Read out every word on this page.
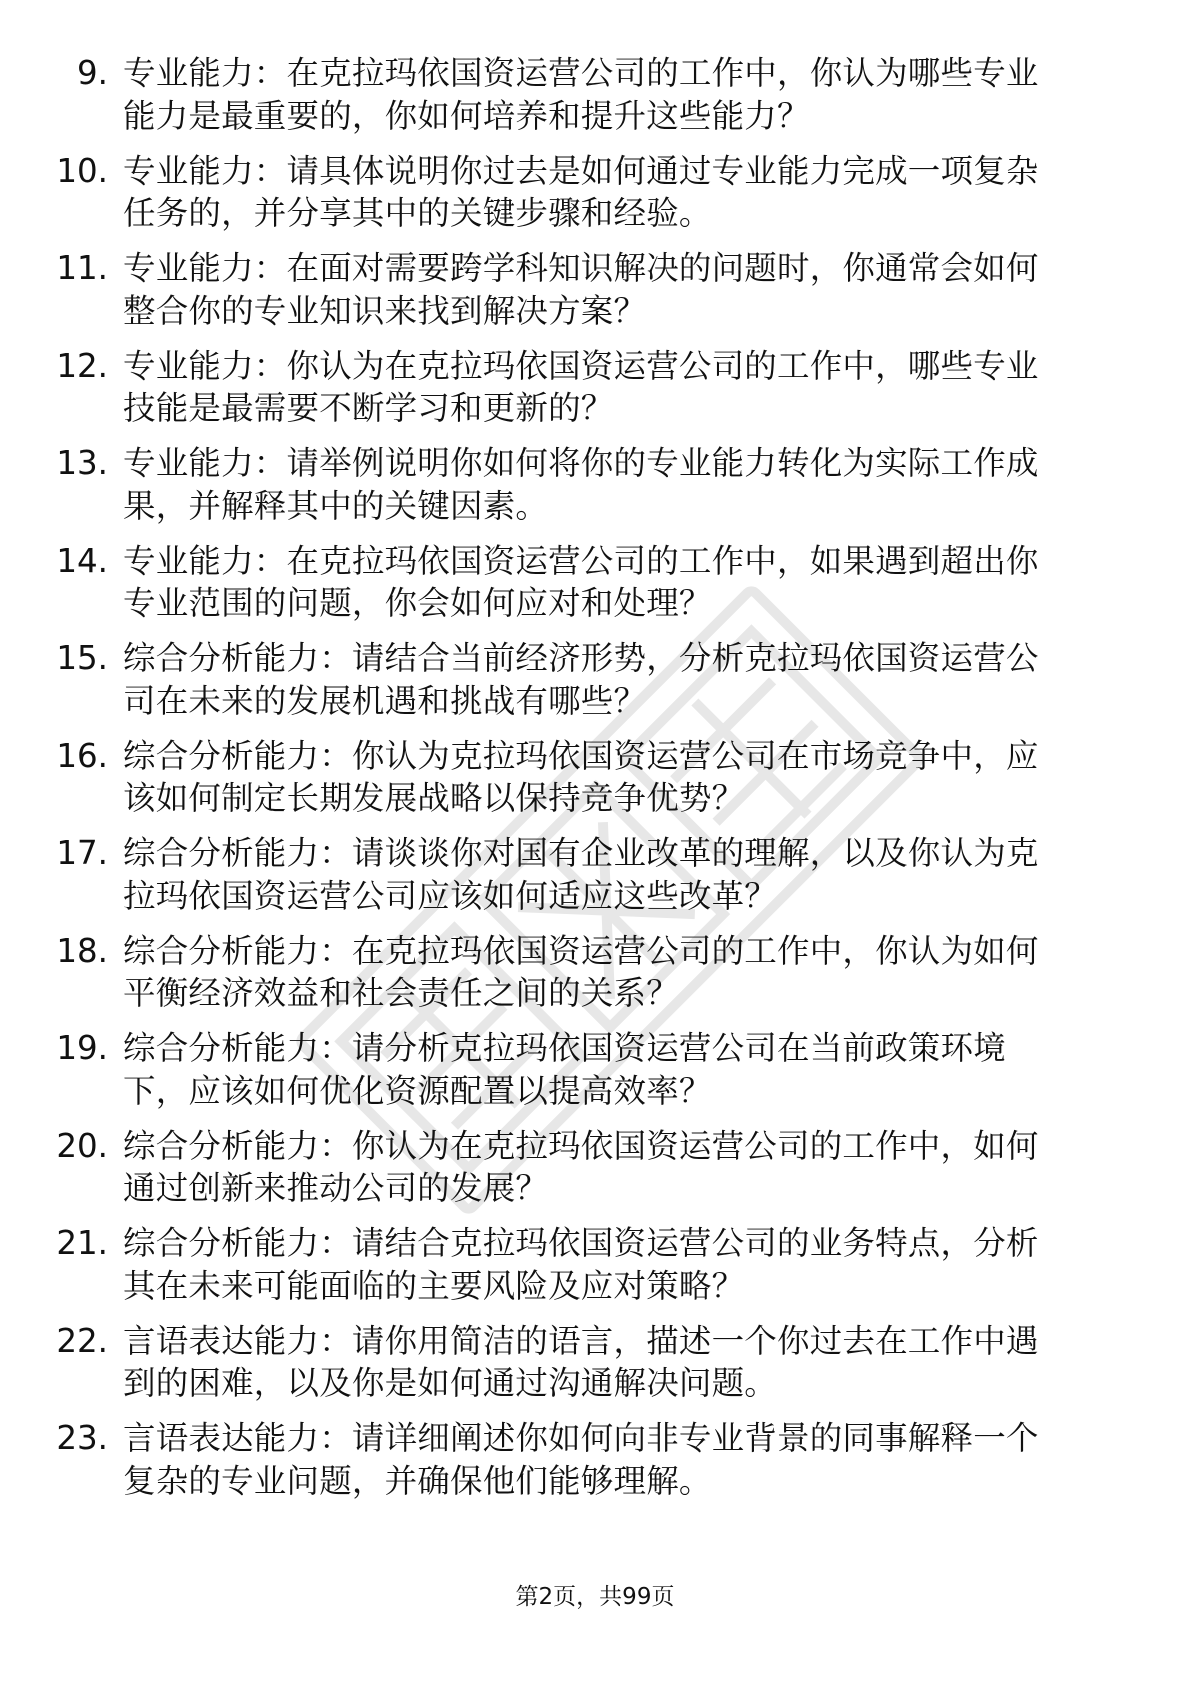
9. 专业能力：在克拉玛依国资运营公司的工作中，你认为哪些专业
能力是最重要的，你如何培养和提升这些能力？
10. 专业能力：请具体说明你过去是如何通过专业能力完成一项复杂
任务的，并分享其中的关键步骤和经验。
11. 专业能力：在面对需要跨学科知识解决的问题时，你通常会如何
整合你的专业知识来找到解决方案？
12. 专业能力：你认为在克拉玛依国资运营公司的工作中，哪些专业
技能是最需要不断学习和更新的？
13. 专业能力：请举例说明你如何将你的专业能力转化为实际工作成
果，并解释其中的关键因素。
14. 专业能力：在克拉玛依国资运营公司的工作中，如果遇到超出你
专业范围的问题，你会如何应对和处理？
15. 综合分析能力：请结合当前经济形势，分析克拉玛依国资运营公
司在未来的发展机遇和挑战有哪些？
16. 综合分析能力：你认为克拉玛依国资运营公司在市场竞争中，应
该如何制定长期发展战略以保持竞争优势？
17. 综合分析能力：请谈谈你对国有企业改革的理解，以及你认为克
拉玛依国资运营公司应该如何适应这些改革？
18. 综合分析能力：在克拉玛依国资运营公司的工作中，你认为如何
平衡经济效益和社会责任之间的关系？
19. 综合分析能力：请分析克拉玛依国资运营公司在当前政策环境
下，应该如何优化资源配置以提高效率？
20. 综合分析能力：你认为在克拉玛依国资运营公司的工作中，如何
通过创新来推动公司的发展？
21. 综合分析能力：请结合克拉玛依国资运营公司的业务特点，分析
其在未来可能面临的主要风险及应对策略？
22. 言语表达能力：请你用简洁的语言，描述一个你过去在工作中遇
到的困难，以及你是如何通过沟通解决问题。
23. 言语表达能力：请详细阐述你如何向非专业背景的同事解释一个
复杂的专业问题，并确保他们能够理解。
第2页，共99页
